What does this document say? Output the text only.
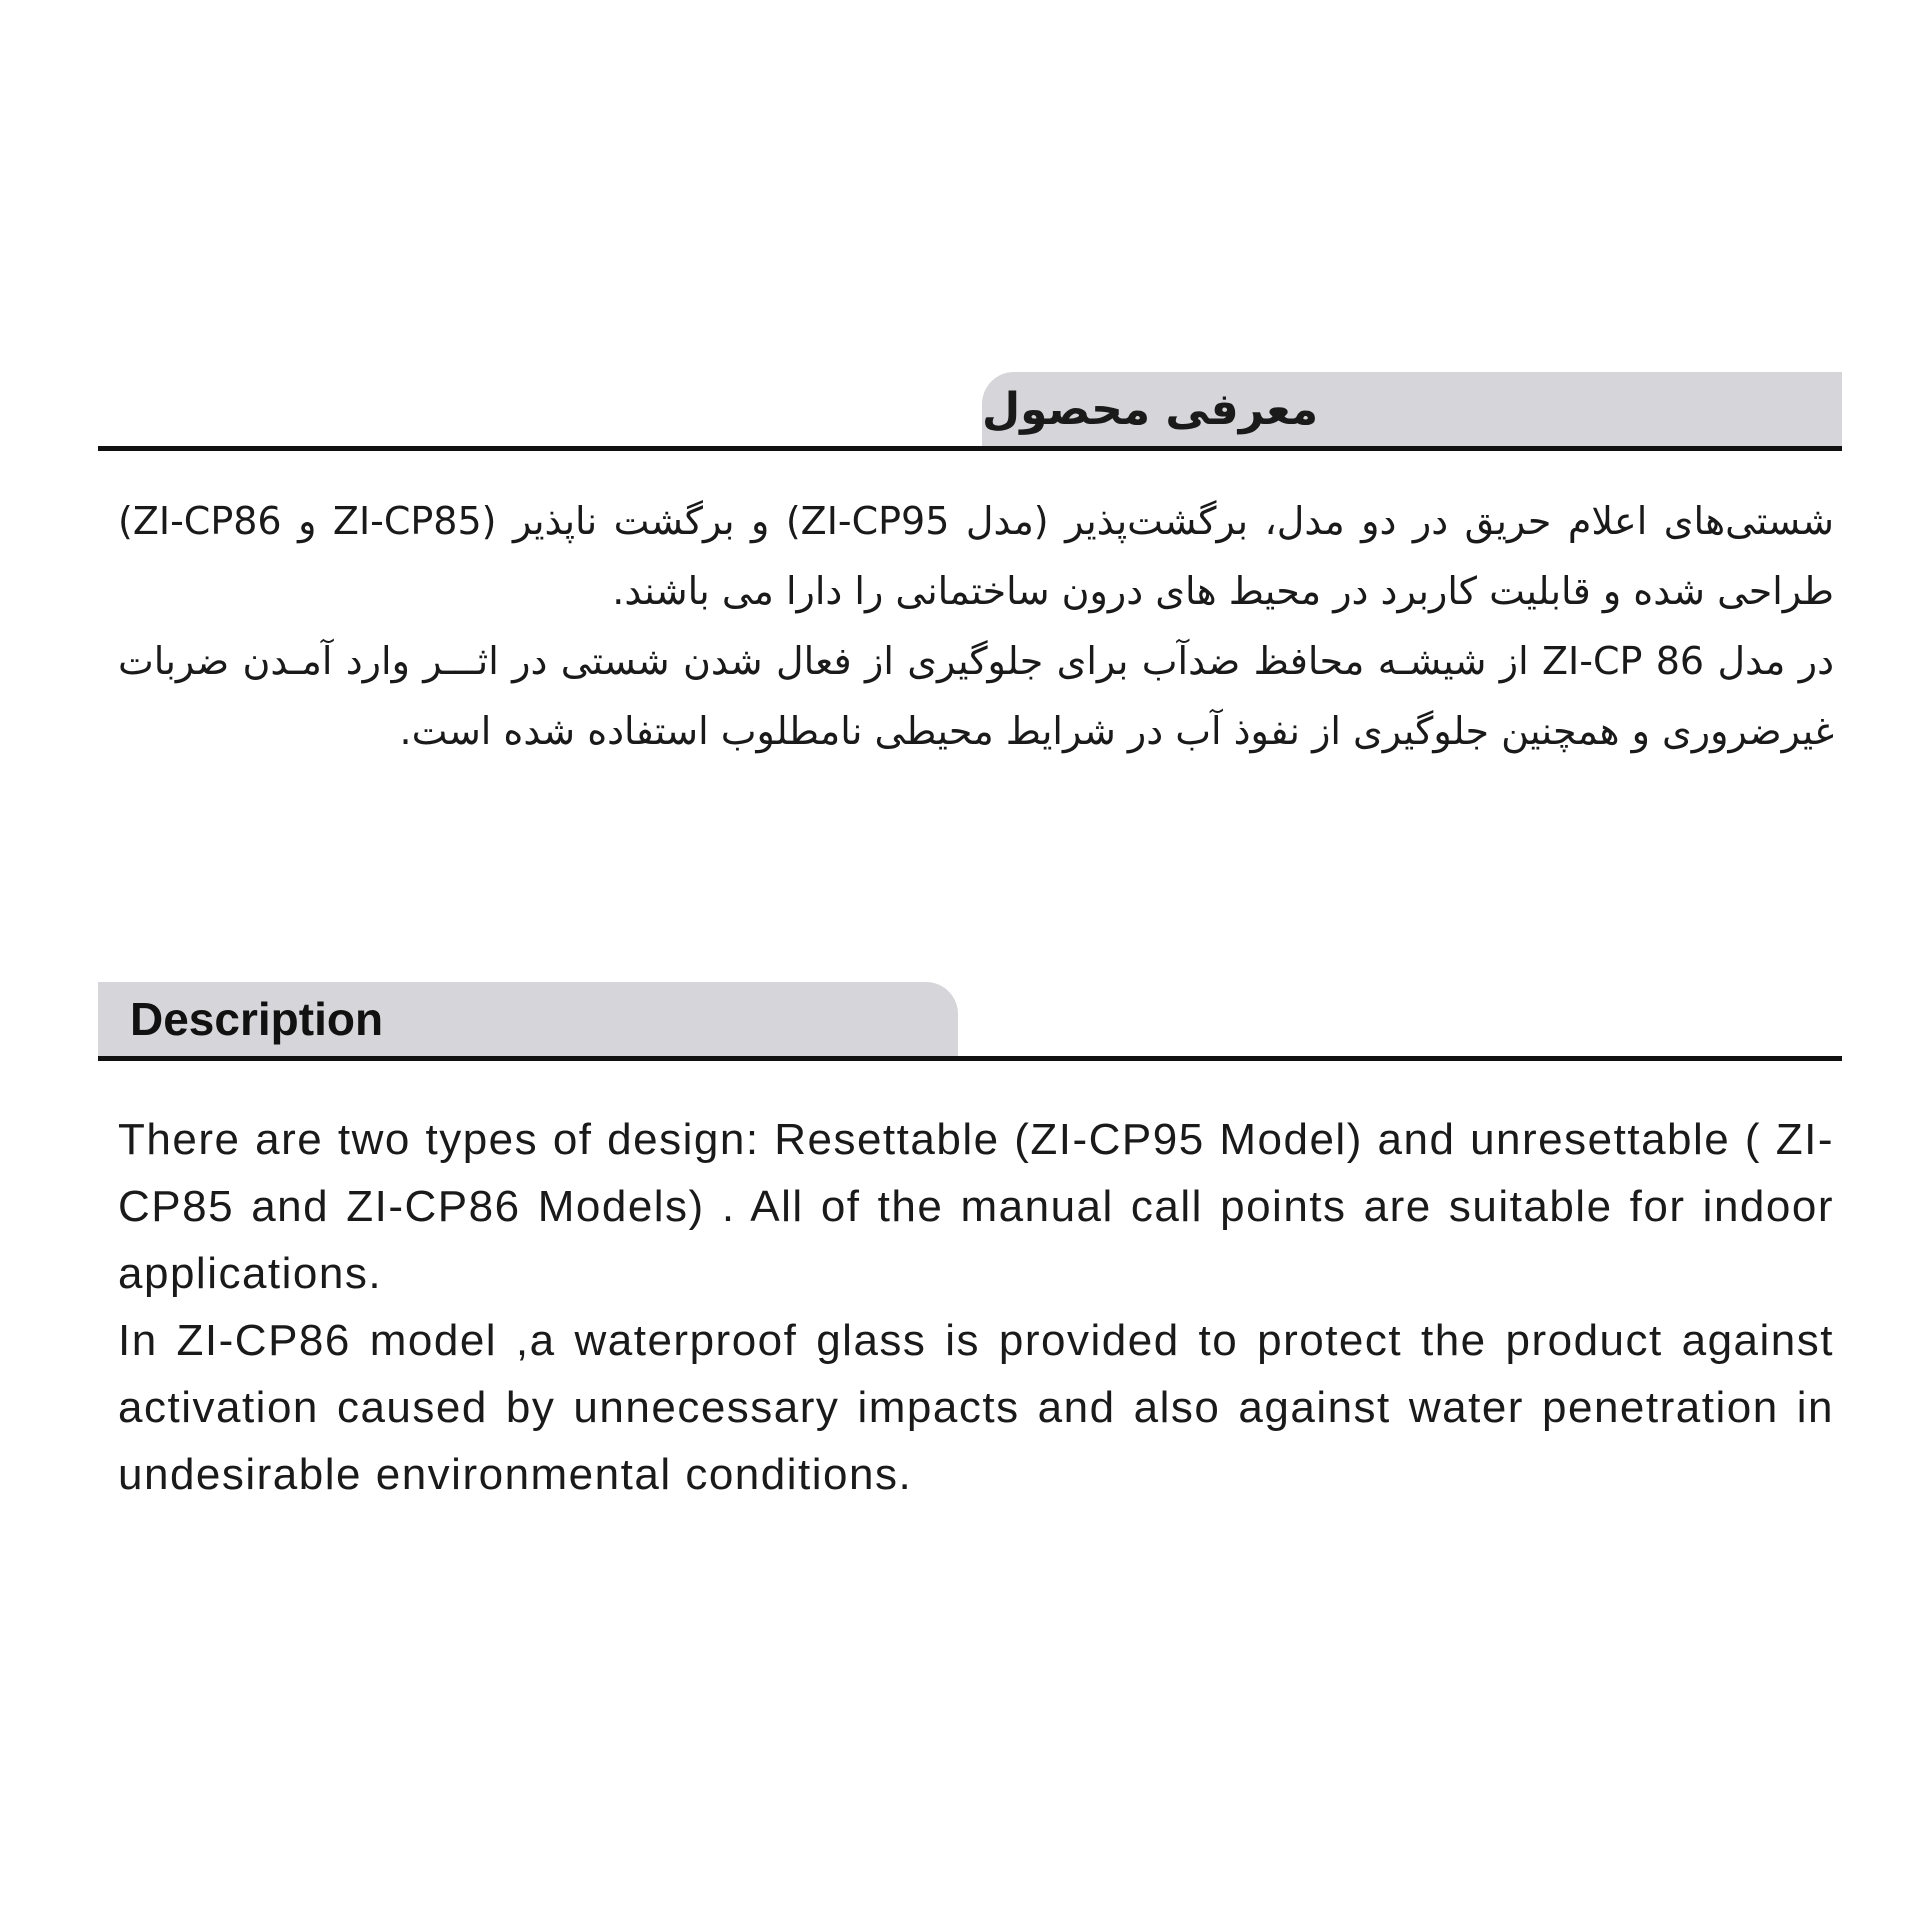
معرفی محصول

شستی‌های اعلام حریق در دو مدل، برگشت‌پذیر (مدل ZI-CP95) و برگشت ناپذیر (ZI-CP85 و ZI-CP86) طراحی شده و قابلیت کاربرد در محیط های درون ساختمانی را دارا می باشند.

در مدل ZI-CP 86 از شیشـه محافظ ضدآب برای جلوگیری از فعال شدن شستی در اثـــر وارد آمـدن ضربات غیرضروری و همچنین جلوگیری از نفوذ آب در شرایط محیطی نامطلوب استفاده شده است.

Description

There are two types of design: Resettable (ZI-CP95 Model) and unresettable ( ZI-CP85 and ZI-CP86 Models) . All of the manual call points are suitable for indoor applications.

In ZI-CP86 model ,a waterproof glass is provided to protect the product against activation caused by unnecessary impacts and also against water penetration in undesirable environmental conditions.
